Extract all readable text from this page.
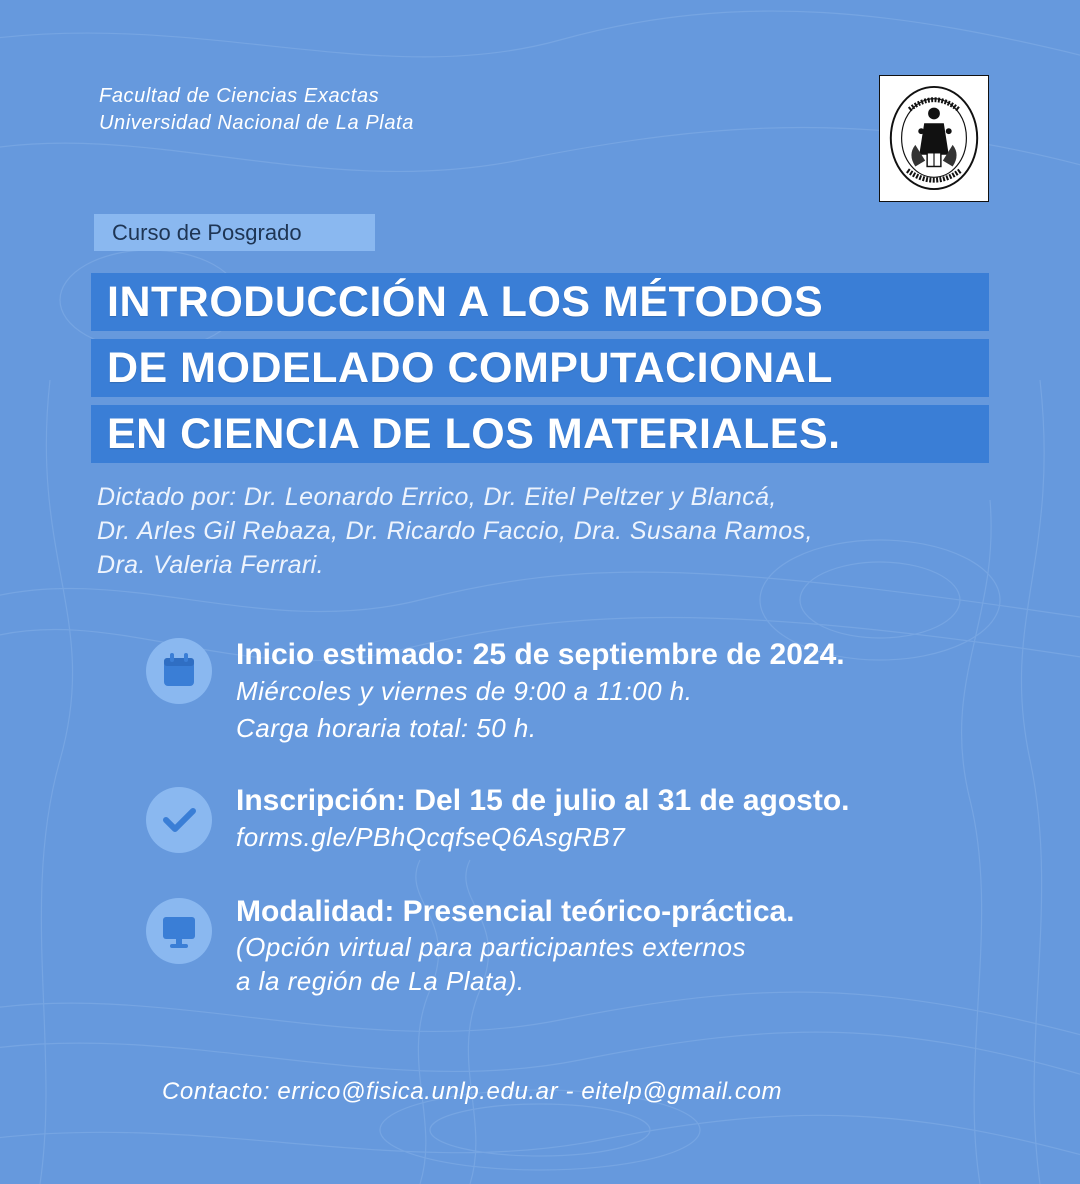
Facultad de Ciencias Exactas
Universidad Nacional de La Plata
Curso de Posgrado
INTRODUCCIÓN A LOS MÉTODOS
DE MODELADO COMPUTACIONAL
EN CIENCIA DE LOS MATERIALES.
Dictado por: Dr. Leonardo Errico, Dr. Eitel Peltzer y Blancá,
Dr. Arles Gil Rebaza, Dr. Ricardo Faccio, Dra. Susana Ramos,
Dra. Valeria Ferrari.
Inicio estimado: 25 de septiembre de 2024.
Miércoles y viernes de 9:00 a 11:00 h.
Carga horaria total: 50 h.
Inscripción: Del 15 de julio al 31 de agosto.
forms.gle/PBhQcqfseQ6AsgRB7
Modalidad: Presencial teórico-práctica.
(Opción virtual para participantes externos
a la región de La Plata).
Contacto: errico@fisica.unlp.edu.ar - eitelp@gmail.com
